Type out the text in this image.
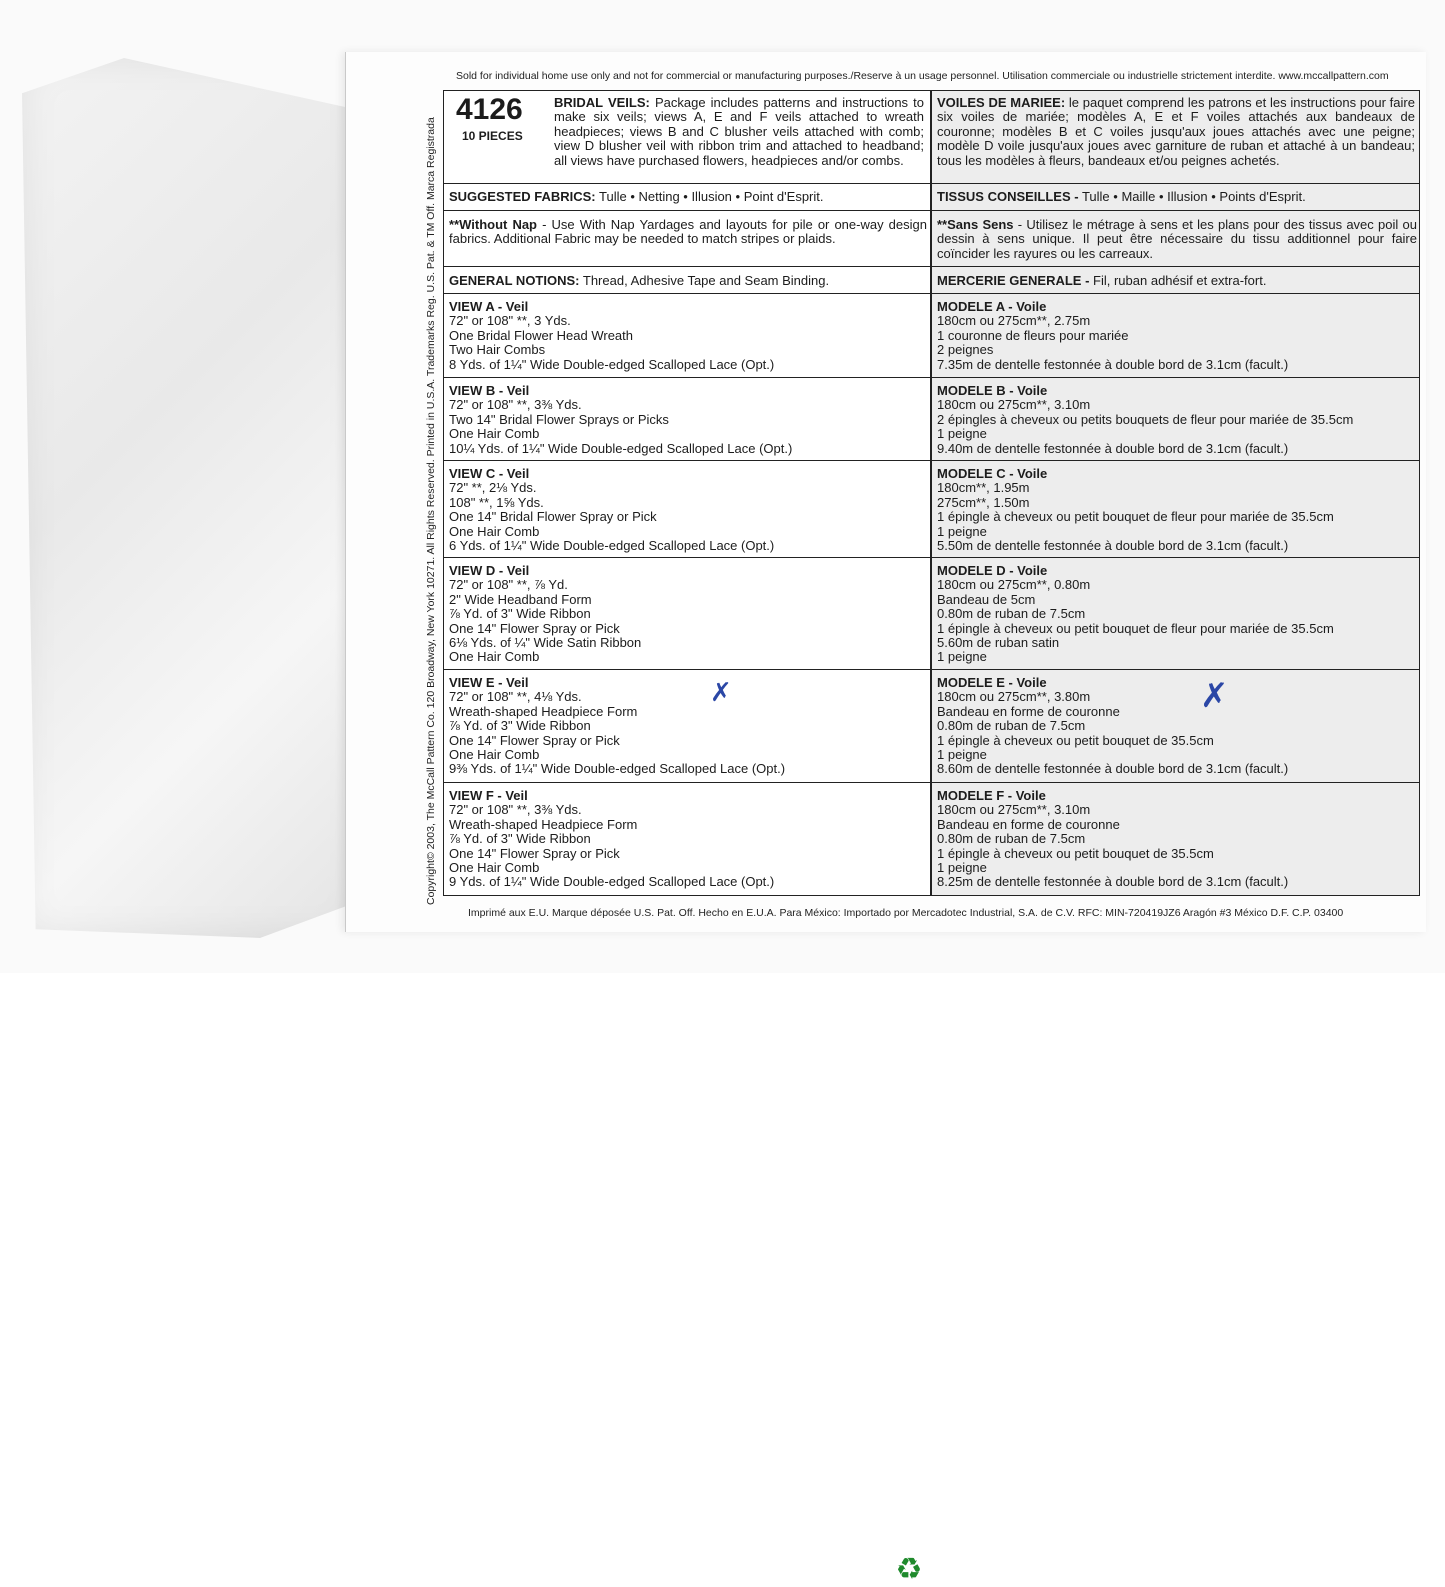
Sold for individual home use only and not for commercial or manufacturing purposes./Reserve à un usage personnel. Utilisation commerciale ou industrielle strictement interdite. www.mccallpattern.com
Copyright© 2003, The McCall Pattern Co. 120 Broadway, New York 10271. All Rights Reserved. Printed in U.S.A. Trademarks Reg. U.S. Pat. & TM Off. Marca Registrada
4126
10 PIECES
BRIDAL VEILS: Package includes patterns and instructions to make six veils; views A, E and F veils attached to wreath headpieces; views B and C blusher veils attached with comb; view D blusher veil with ribbon trim and attached to headband; all views have purchased flowers, headpieces and/or combs.
VOILES DE MARIEE: le paquet comprend les patrons et les instructions pour faire six voiles de mariée; modèles A, E et F voiles attachés aux bandeaux de couronne; modèles B et C voiles jusqu'aux joues attachés avec une peigne; modèle D voile jusqu'aux joues avec garniture de ruban et attaché à un bandeau; tous les modèles à fleurs, bandeaux et/ou peignes achetés.
SUGGESTED FABRICS: Tulle • Netting • Illusion • Point d'Esprit.	TISSUS CONSEILLES - Tulle • Maille • Illusion • Points d'Esprit.
**Without Nap - Use With Nap Yardages and layouts for pile or one-way design fabrics. Additional Fabric may be needed to match stripes or plaids.
**Sans Sens - Utilisez le métrage à sens et les plans pour des tissus avec poil ou dessin à sens unique. Il peut être nécessaire du tissu additionnel pour faire coïncider les rayures ou les carreaux.
GENERAL NOTIONS: Thread, Adhesive Tape and Seam Binding.	MERCERIE GENERALE - Fil, ruban adhésif et extra-fort.
VIEW A - Veil
72" or 108" **, 3 Yds.
One Bridal Flower Head Wreath
Two Hair Combs
8 Yds. of 1¼" Wide Double-edged Scalloped Lace (Opt.)
MODELE A - Voile
180cm ou 275cm**, 2.75m
1 couronne de fleurs pour mariée
2 peignes
7.35m de dentelle festonnée à double bord de 3.1cm (facult.)
VIEW B - Veil
72" or 108" **, 3⅜ Yds.
Two 14" Bridal Flower Sprays or Picks
One Hair Comb
10¼ Yds. of 1¼" Wide Double-edged Scalloped Lace (Opt.)
MODELE B - Voile
180cm ou 275cm**, 3.10m
2 épingles à cheveux ou petits bouquets de fleur pour mariée de 35.5cm
1 peigne
9.40m de dentelle festonnée à double bord de 3.1cm (facult.)
VIEW C - Veil
72" **, 2⅛ Yds.
108" **, 1⅝ Yds.
One 14" Bridal Flower Spray or Pick
One Hair Comb
6 Yds. of 1¼" Wide Double-edged Scalloped Lace (Opt.)
MODELE C - Voile
180cm**, 1.95m
275cm**, 1.50m
1 épingle à cheveux ou petit bouquet de fleur pour mariée de 35.5cm
1 peigne
5.50m de dentelle festonnée à double bord de 3.1cm (facult.)
VIEW D - Veil
72" or 108" **, ⅞ Yd.
2" Wide Headband Form
⅞ Yd. of 3" Wide Ribbon
One 14" Flower Spray or Pick
6⅛ Yds. of ¼" Wide Satin Ribbon
One Hair Comb
MODELE D - Voile
180cm ou 275cm**, 0.80m
Bandeau de 5cm
0.80m de ruban de 7.5cm
1 épingle à cheveux ou petit bouquet de fleur pour mariée de 35.5cm
5.60m de ruban satin
1 peigne
VIEW E - Veil
72" or 108" **, 4⅛ Yds.
Wreath-shaped Headpiece Form
⅞ Yd. of 3" Wide Ribbon
One 14" Flower Spray or Pick
One Hair Comb
9⅜ Yds. of 1¼" Wide Double-edged Scalloped Lace (Opt.)
MODELE E - Voile
180cm ou 275cm**, 3.80m
Bandeau en forme de couronne
0.80m de ruban de 7.5cm
1 épingle à cheveux ou petit bouquet de 35.5cm
1 peigne
8.60m de dentelle festonnée à double bord de 3.1cm (facult.)
VIEW F - Veil
72" or 108" **, 3⅜ Yds.
Wreath-shaped Headpiece Form
⅞ Yd. of 3" Wide Ribbon
One 14" Flower Spray or Pick
One Hair Comb
9 Yds. of 1¼" Wide Double-edged Scalloped Lace (Opt.)
MODELE F - Voile
180cm ou 275cm**, 3.10m
Bandeau en forme de couronne
0.80m de ruban de 7.5cm
1 épingle à cheveux ou petit bouquet de 35.5cm
1 peigne
8.25m de dentelle festonnée à double bord de 3.1cm (facult.)
♻
✗	✗
Imprimé aux E.U. Marque déposée U.S. Pat. Off. Hecho en E.U.A. Para México: Importado por Mercadotec Industrial, S.A. de C.V. RFC: MIN-720419JZ6 Aragón #3 México D.F. C.P. 03400
